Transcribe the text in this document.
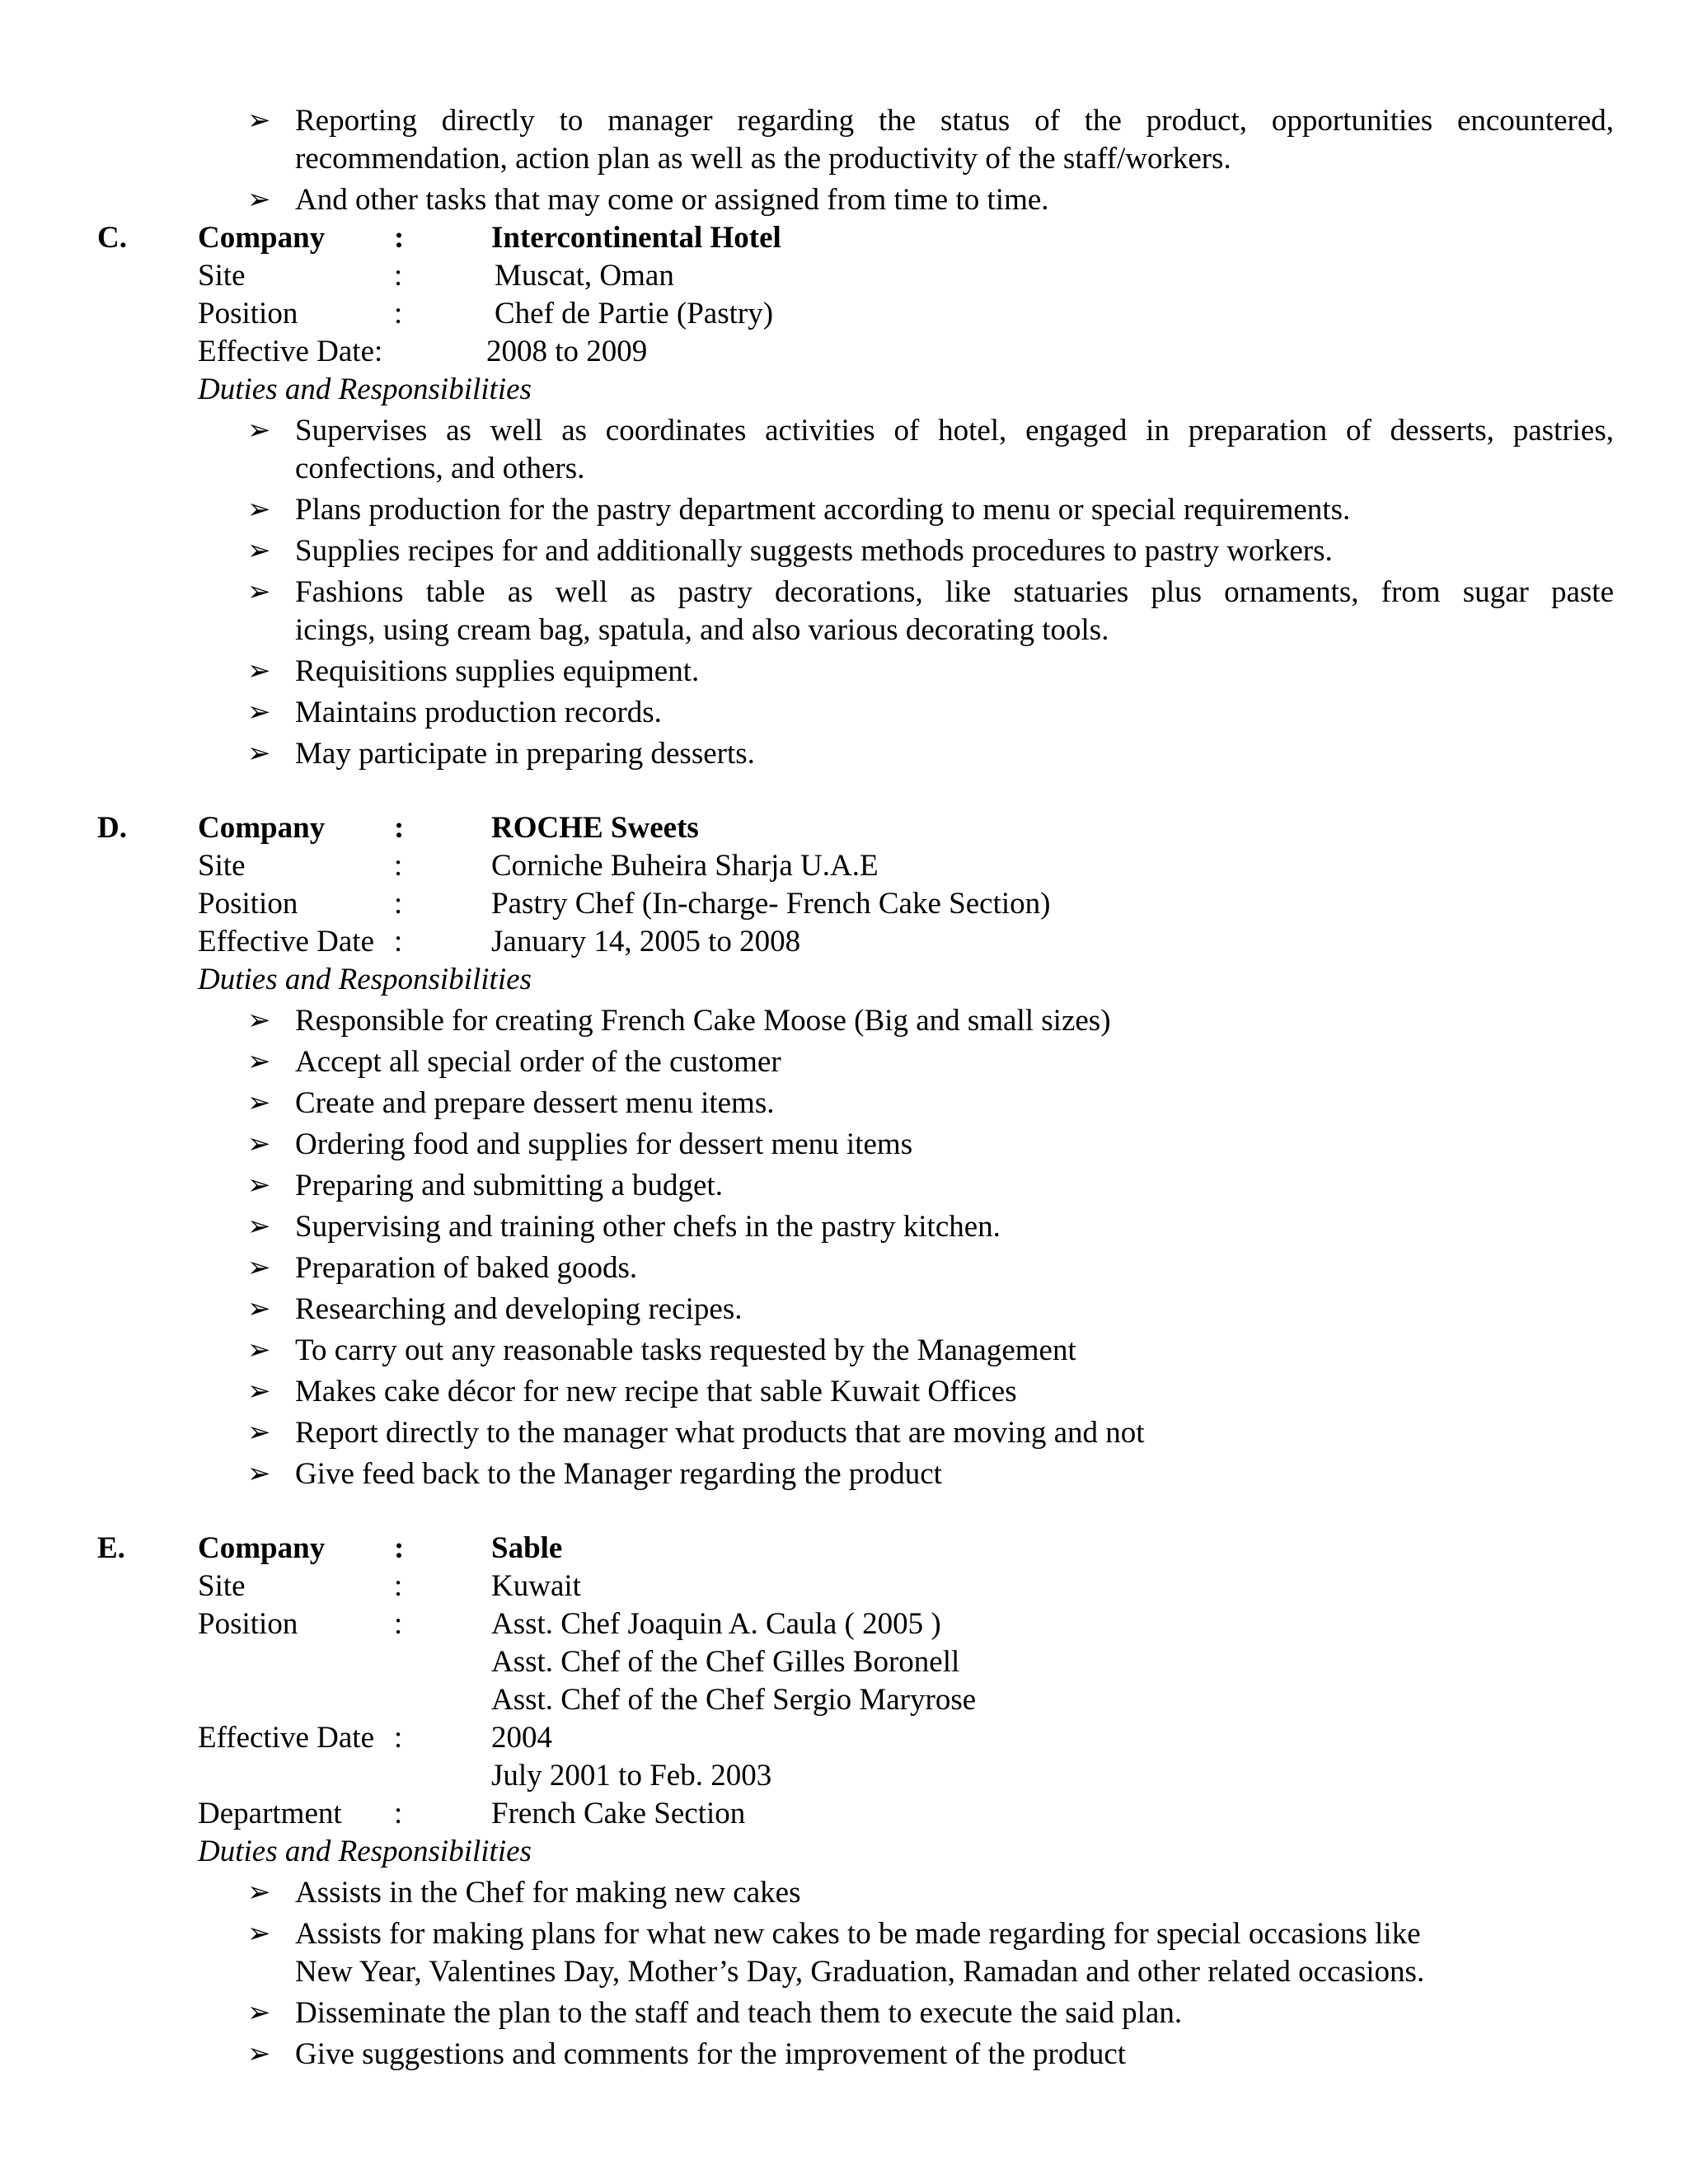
➢ Reporting directly to manager regarding the status of the product, opportunities encountered,
recommendation, action plan as well as the productivity of the staff/workers.
➢ And other tasks that may come or assigned from time to time.
C. Company :	Intercontinental Hotel
Site	:	Muscat, Oman
Position	:	Chef de Partie (Pastry)
Effective Date:	2008 to 2009
Duties and Responsibilities
➢ Supervises as well as coordinates activities of hotel, engaged in preparation of desserts, pastries,
confections, and others.
➢ Plans production for the pastry department according to menu or special requirements.
➢ Supplies recipes for and additionally suggests methods procedures to pastry workers.
➢ Fashions table as well as pastry decorations, like statuaries plus ornaments, from sugar paste
icings, using cream bag, spatula, and also various decorating tools.
➢ Requisitions supplies equipment.
➢ Maintains production records.
➢ May participate in preparing desserts.
D. Company :	ROCHE Sweets
Site	:	Corniche Buheira Sharja U.A.E
Position	:	Pastry Chef (In-charge- French Cake Section)
Effective Date :	January 14, 2005 to 2008
Duties and Responsibilities
➢ Responsible for creating French Cake Moose (Big and small sizes)
➢ Accept all special order of the customer
➢ Create and prepare dessert menu items.
➢ Ordering food and supplies for dessert menu items
➢ Preparing and submitting a budget.
➢ Supervising and training other chefs in the pastry kitchen.
➢ Preparation of baked goods.
➢ Researching and developing recipes.
➢ To carry out any reasonable tasks requested by the Management
➢ Makes cake décor for new recipe that sable Kuwait Offices
➢ Report directly to the manager what products that are moving and not
➢ Give feed back to the Manager regarding the product
E. Company :	Sable
Site	:	Kuwait
Position	:	Asst. Chef Joaquin A. Caula ( 2005 )
Asst. Chef of the Chef Gilles Boronell
Asst. Chef of the Chef Sergio Maryrose
Effective Date :	2004
July 2001 to Feb. 2003
Department :	French Cake Section
Duties and Responsibilities
➢ Assists in the Chef for making new cakes
➢ Assists for making plans for what new cakes to be made regarding for special occasions like
New Year, Valentines Day, Mother’s Day, Graduation, Ramadan and other related occasions.
➢ Disseminate the plan to the staff and teach them to execute the said plan.
➢ Give suggestions and comments for the improvement of the product
